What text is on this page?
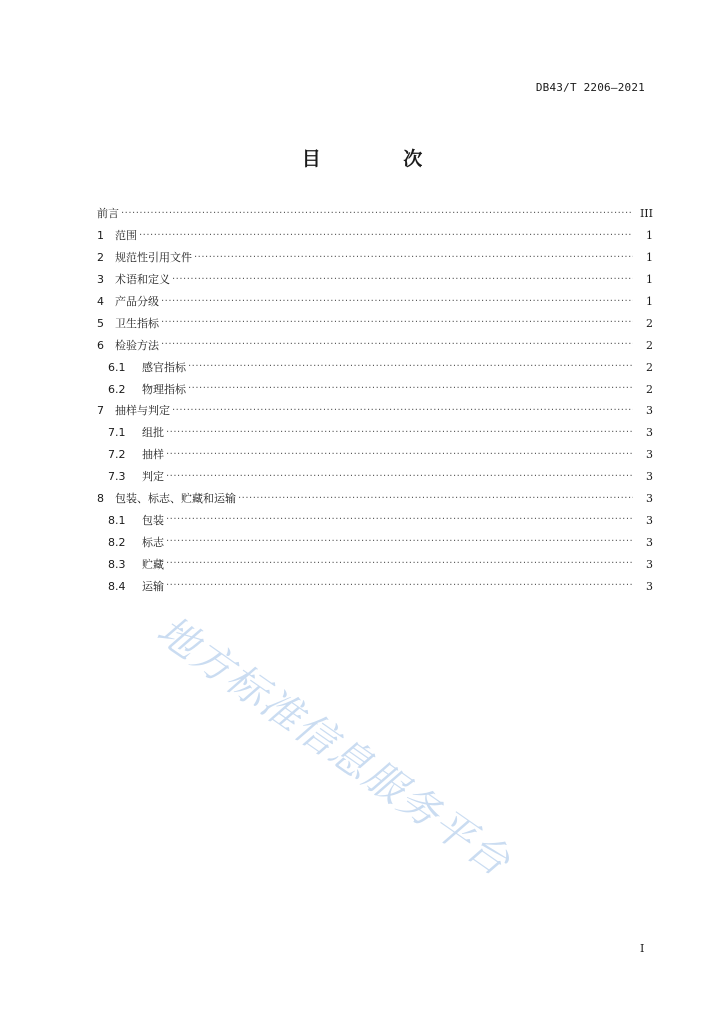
DB43/T 2206—2021
目 次
前言 ·····	III
1	范围 ·····	1
2	规范性引用文件 ·····	1
3	术语和定义 ·····	1
4	产品分级 ·····	1
5	卫生指标 ·····	2
6	检验方法 ·····	2
6.1	感官指标 ·····	2
6.2	物理指标 ·····	2
7	抽样与判定 ·····	3
7.1	组批 ·····	3
7.2	抽样 ·····	3
7.3	判定 ·····	3
8	包装、标志、贮藏和运输 ·····	3
8.1	包装 ·····	3
8.2	标志 ·····	3
8.3	贮藏 ·····	3
8.4	运输 ·····	3
地方标准信息服务平台
I
